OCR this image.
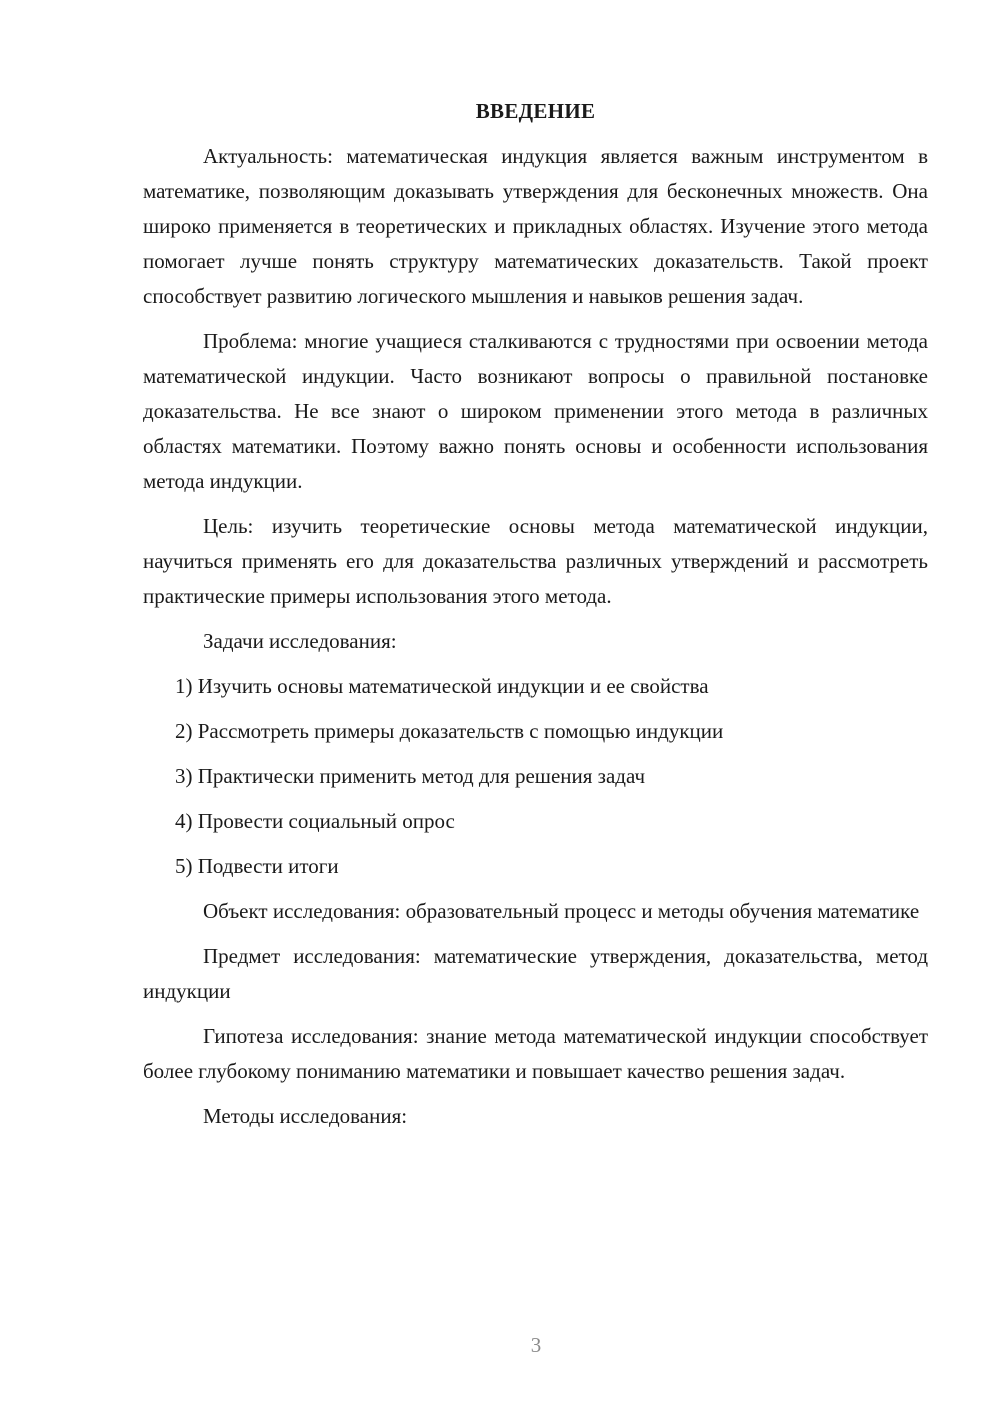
ВВЕДЕНИЕ

Актуальность: математическая индукция является важным инструментом в математике, позволяющим доказывать утверждения для бесконечных множеств. Она широко применяется в теоретических и прикладных областях. Изучение этого метода помогает лучше понять структуру математических доказательств. Такой проект способствует развитию логического мышления и навыков решения задач.

Проблема: многие учащиеся сталкиваются с трудностями при освоении метода математической индукции. Часто возникают вопросы о правильной постановке доказательства. Не все знают о широком применении этого метода в различных областях математики. Поэтому важно понять основы и особенности использования метода индукции.

Цель: изучить теоретические основы метода математической индукции, научиться применять его для доказательства различных утверждений и рассмотреть практические примеры использования этого метода.

Задачи исследования:

1) Изучить основы математической индукции и ее свойства
2) Рассмотреть примеры доказательств с помощью индукции
3) Практически применить метод для решения задач
4) Провести социальный опрос
5) Подвести итоги

Объект исследования: образовательный процесс и методы обучения математике

Предмет исследования: математические утверждения, доказательства, метод индукции

Гипотеза исследования: знание метода математической индукции способствует более глубокому пониманию математики и повышает качество решения задач.

Методы исследования:

3
